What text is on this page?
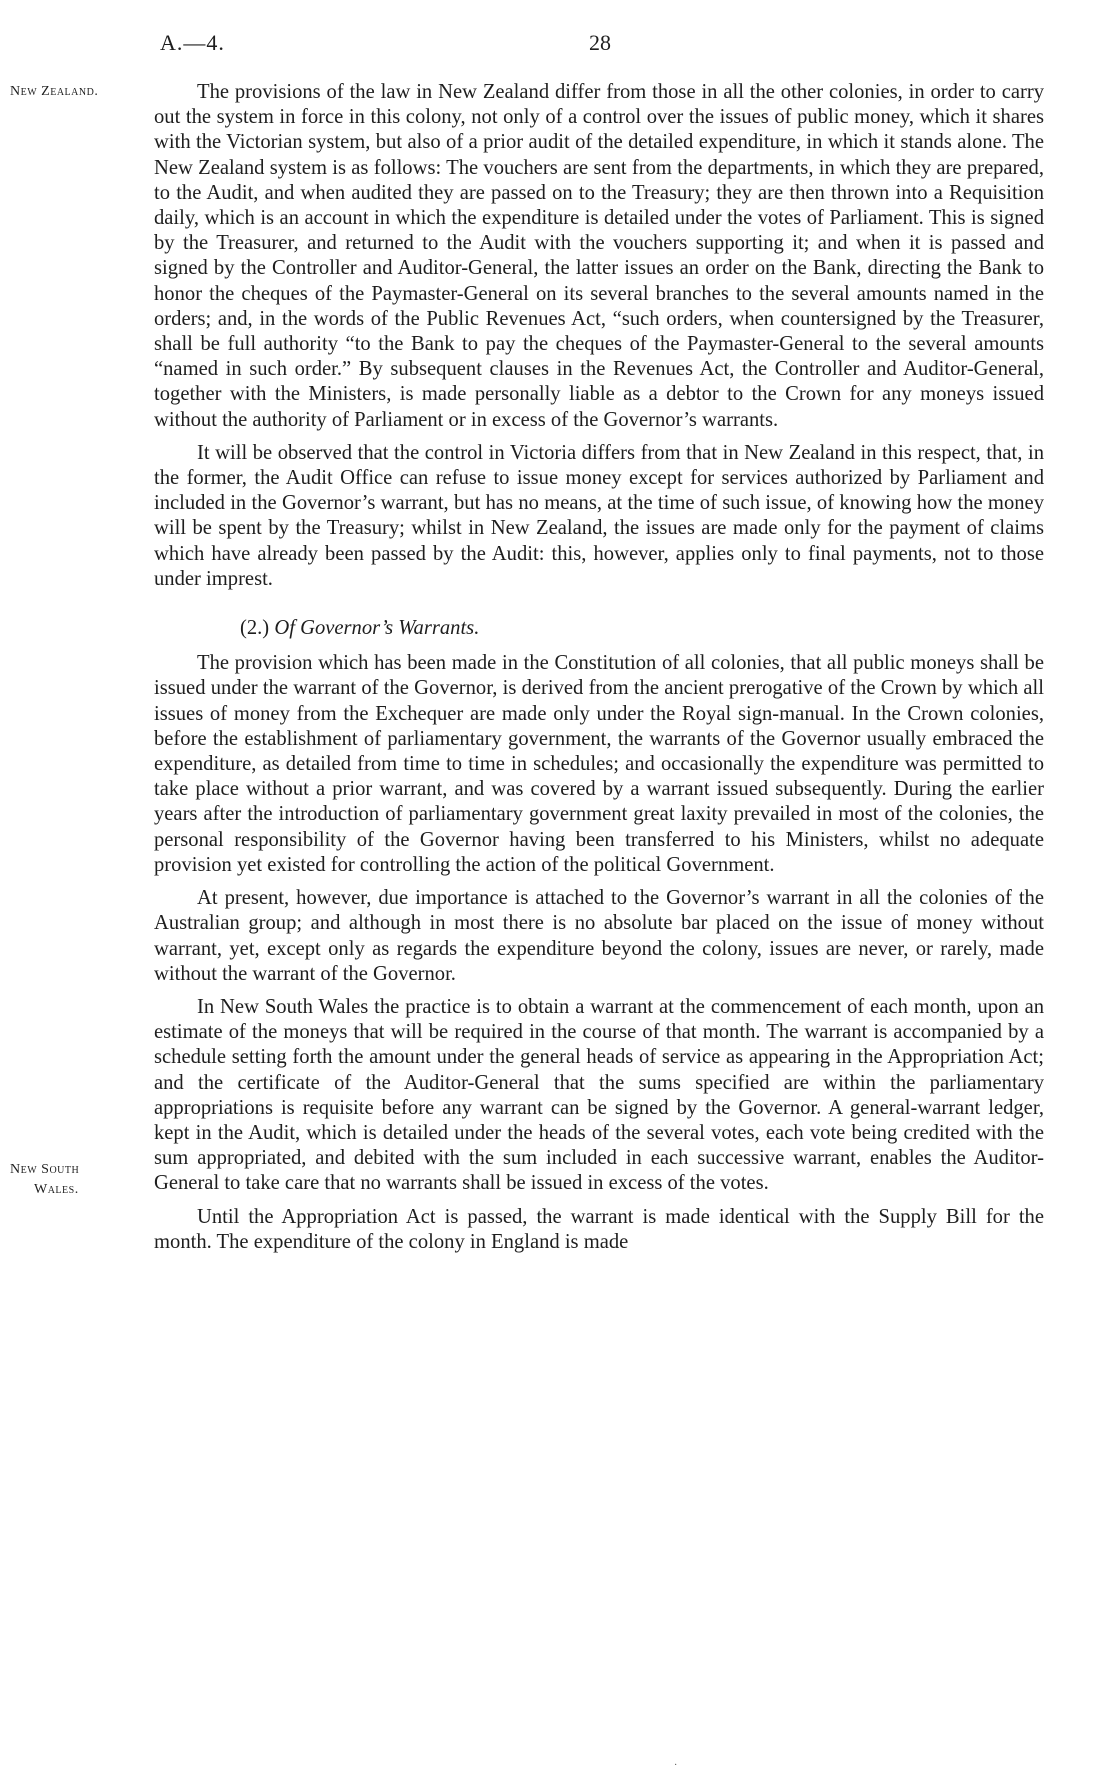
A.—4.	28
New Zealand.
New South
Wales.

The provisions of the law in New Zealand differ from those in all the other colonies, in order to carry out the system in force in this colony, not only of a control over the issues of public money, which it shares with the Victorian system, but also of a prior audit of the detailed expenditure, in which it stands alone. The New Zealand system is as follows: The vouchers are sent from the departments, in which they are prepared, to the Audit, and when audited they are passed on to the Treasury; they are then thrown into a Requisition daily, which is an account in which the expenditure is detailed under the votes of Parliament. This is signed by the Treasurer, and returned to the Audit with the vouchers supporting it; and when it is passed and signed by the Controller and Auditor-General, the latter issues an order on the Bank, directing the Bank to honor the cheques of the Paymaster-General on its several branches to the several amounts named in the orders; and, in the words of the Public Revenues Act, “such orders, when countersigned by the Treasurer, shall be full authority “to the Bank to pay the cheques of the Paymaster-General to the several amounts “named in such order.” By subsequent clauses in the Revenues Act, the Controller and Auditor-General, together with the Ministers, is made personally liable as a debtor to the Crown for any moneys issued without the authority of Parliament or in excess of the Governor’s warrants.

It will be observed that the control in Victoria differs from that in New Zealand in this respect, that, in the former, the Audit Office can refuse to issue money except for services authorized by Parliament and included in the Governor’s warrant, but has no means, at the time of such issue, of knowing how the money will be spent by the Treasury; whilst in New Zealand, the issues are made only for the payment of claims which have already been passed by the Audit: this, however, applies only to final payments, not to those under imprest.

(2.) Of Governor’s Warrants.

The provision which has been made in the Constitution of all colonies, that all public moneys shall be issued under the warrant of the Governor, is derived from the ancient prerogative of the Crown by which all issues of money from the Exchequer are made only under the Royal sign-manual. In the Crown colonies, before the establishment of parliamentary government, the warrants of the Governor usually embraced the expenditure, as detailed from time to time in schedules; and occasionally the expenditure was permitted to take place without a prior warrant, and was covered by a warrant issued subsequently. During the earlier years after the introduction of parliamentary government great laxity prevailed in most of the colonies, the personal responsibility of the Governor having been transferred to his Ministers, whilst no adequate provision yet existed for controlling the action of the political Government.

At present, however, due importance is attached to the Governor’s warrant in all the colonies of the Australian group; and although in most there is no absolute bar placed on the issue of money without warrant, yet, except only as regards the expenditure beyond the colony, issues are never, or rarely, made without the warrant of the Governor.

In New South Wales the practice is to obtain a warrant at the commencement of each month, upon an estimate of the moneys that will be required in the course of that month. The warrant is accompanied by a schedule setting forth the amount under the general heads of service as appearing in the Appropriation Act; and the certificate of the Auditor-General that the sums specified are within the parliamentary appropriations is requisite before any warrant can be signed by the Governor. A general-warrant ledger, kept in the Audit, which is detailed under the heads of the several votes, each vote being credited with the sum appropriated, and debited with the sum included in each successive warrant, enables the Auditor-General to take care that no warrants shall be issued in excess of the votes.

Until the Appropriation Act is passed, the warrant is made identical with the Supply Bill for the month. The expenditure of the colony in England is made

·
